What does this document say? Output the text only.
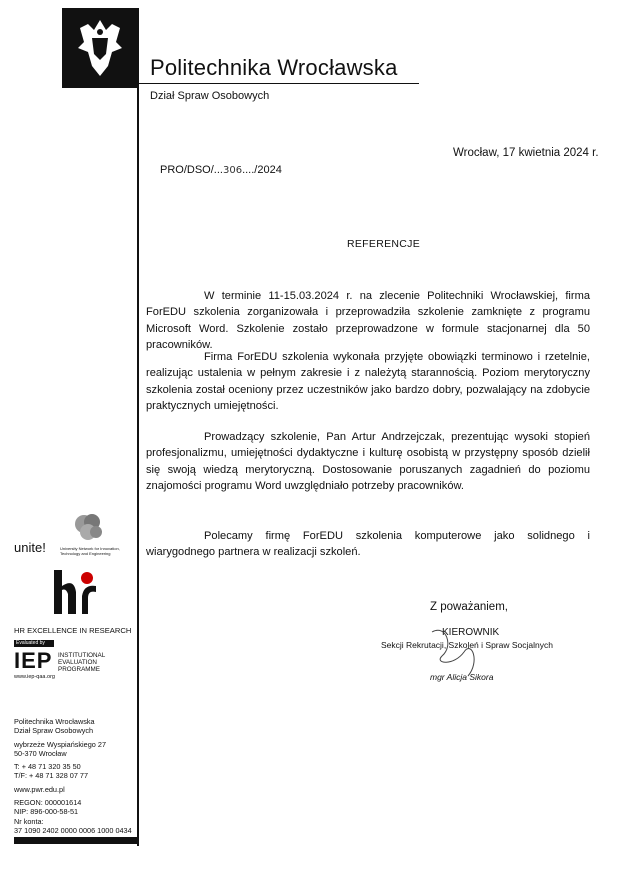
Politechnika Wrocławska
Dział Spraw Osobowych
Wrocław, 17 kwietnia 2024 r.
PRO/DSO/...306..../2024
REFERENCJE
W terminie 11-15.03.2024 r. na zlecenie Politechniki Wrocławskiej, firma ForEDU szkolenia zorganizowała i przeprowadziła szkolenie zamknięte z programu Microsoft Word. Szkolenie zostało przeprowadzone w formule stacjonarnej dla 50 pracowników.
Firma ForEDU szkolenia wykonała przyjęte obowiązki terminowo i rzetelnie, realizując ustalenia w pełnym zakresie i z należytą starannością. Poziom merytoryczny szkolenia został oceniony przez uczestników jako bardzo dobry, pozwalający na zdobycie praktycznych umiejętności.
Prowadzący szkolenie, Pan Artur Andrzejczak, prezentując wysoki stopień profesjonalizmu, umiejętności dydaktyczne i kulturę osobistą w przystępny sposób dzielił się swoją wiedzą merytoryczną. Dostosowanie poruszanych zagadnień do poziomu znajomości programu Word uwzględniało potrzeby pracowników.
Polecamy firmę ForEDU szkolenia komputerowe jako solidnego i wiarygodnego partnera w realizacji szkoleń.
Z poważaniem,
KIEROWNIK
Sekcji Rekrutacji, Szkoleń i Spraw Socjalnych
mgr Alicja Sikora
unite!	University Network for Innovation, Technology and Engineering
HR EXCELLENCE IN RESEARCH
Evaluated by
IEP INSTITUTIONAL EVALUATION PROGRAMME
www.iep-qaa.org
Politechnika Wrocławska
Dział Spraw Osobowych
wybrzeże Wyspiańskiego 27
50-370 Wrocław
T: + 48 71 320 35 50
T/F: + 48 71 328 07 77
www.pwr.edu.pl
REGON: 000001614
NIP: 896-000-58-51
Nr konta:
37 1090 2402 0000 0006 1000 0434
